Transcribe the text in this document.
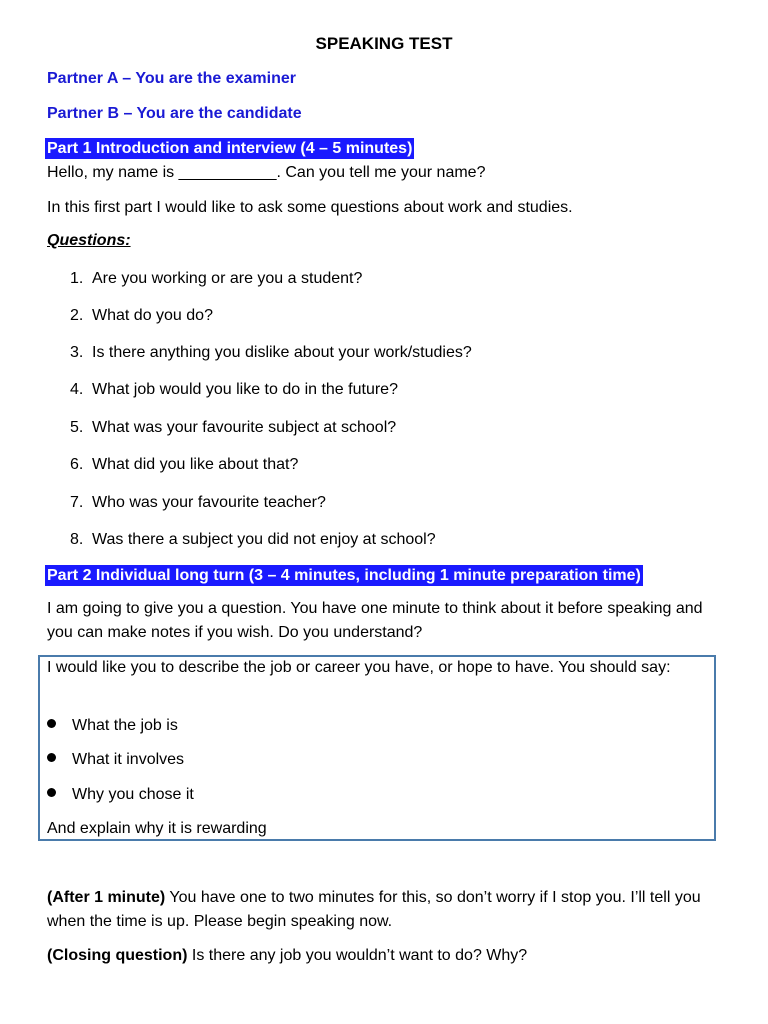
SPEAKING TEST
Partner A – You are the examiner
Partner B – You are the candidate
Part 1 Introduction and interview (4 – 5 minutes)
Hello, my name is ___________. Can you tell me your name?
In this first part I would like to ask some questions about work and studies.
Questions:
1. Are you working or are you a student?
2. What do you do?
3. Is there anything you dislike about your work/studies?
4. What job would you like to do in the future?
5. What was your favourite subject at school?
6. What did you like about that?
7. Who was your favourite teacher?
8. Was there a subject you did not enjoy at school?
Part 2 Individual long turn (3 – 4 minutes, including 1 minute preparation time)
I am going to give you a question. You have one minute to think about it before speaking and you can make notes if you wish. Do you understand?
I would like you to describe the job or career you have, or hope to have. You should say:
What the job is
What it involves
Why you chose it
And explain why it is rewarding
(After 1 minute) You have one to two minutes for this, so don’t worry if I stop you. I’ll tell you when the time is up. Please begin speaking now.
(Closing question) Is there any job you wouldn’t want to do? Why?
